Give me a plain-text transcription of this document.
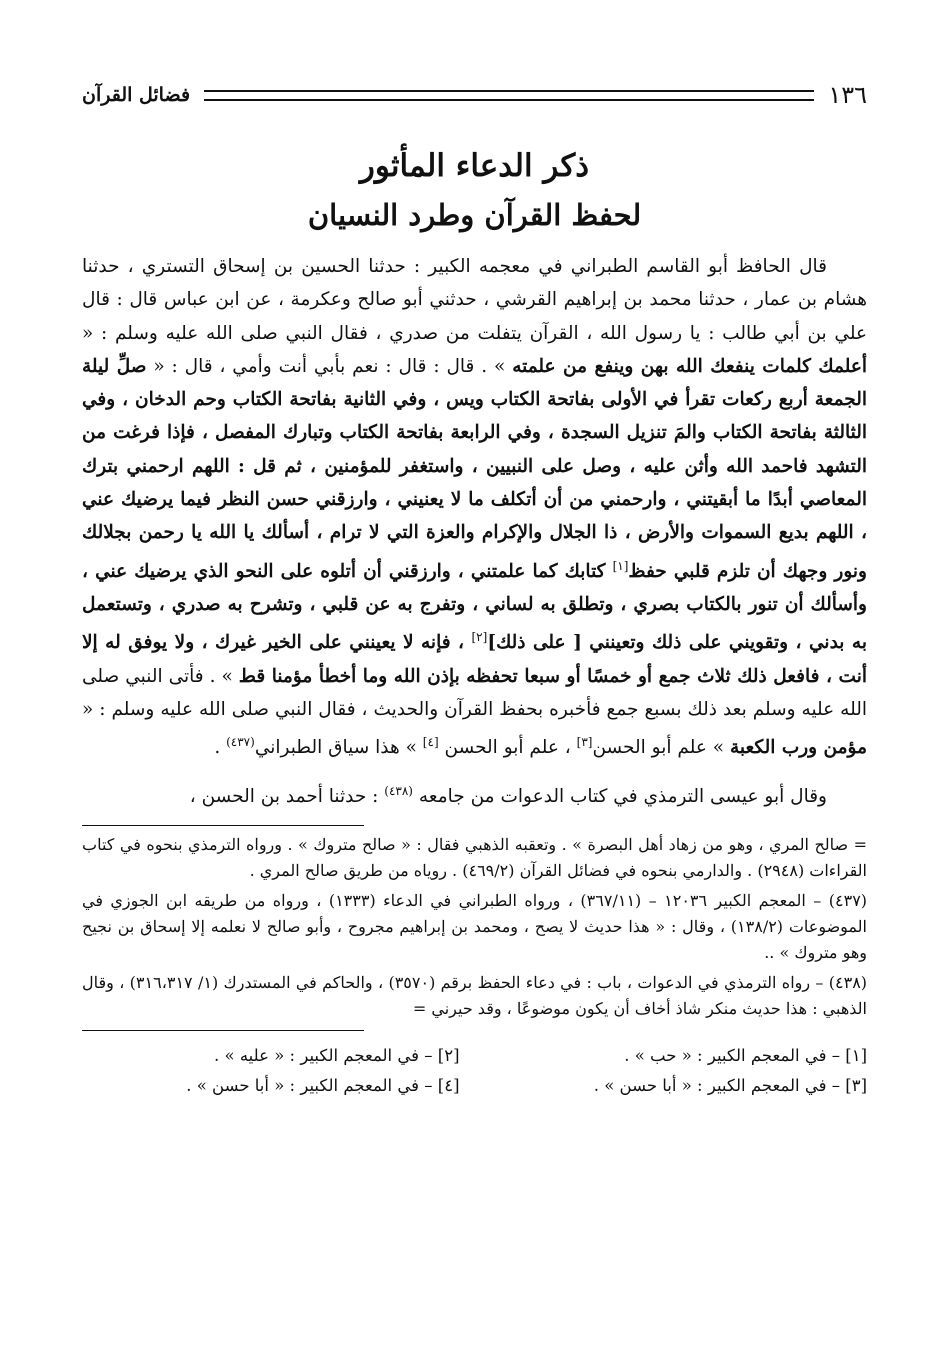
١٣٦
فضائل القرآن
ذكر الدعاء المأثور
لحفظ القرآن وطرد النسيان

قال الحافظ أبو القاسم الطبراني في معجمه الكبير : حدثنا الحسين بن إسحاق التستري ، حدثنا هشام بن عمار ، حدثنا محمد بن إبراهيم القرشي ، حدثني أبو صالح وعكرمة ، عن ابن عباس قال : قال علي بن أبي طالب : يا رسول الله ، القرآن يتفلت من صدري ، فقال النبي صلى الله عليه وسلم : « أعلمك كلمات ينفعك الله بهن وينفع من علمته » . قال : قال : نعم بأبي أنت وأمي ، قال : « صلِّ ليلة الجمعة أربع ركعات تقرأ في الأولى بفاتحة الكتاب ويس ، وفي الثانية بفاتحة الكتاب وحم الدخان ، وفي الثالثة بفاتحة الكتاب والمَ تنزيل السجدة ، وفي الرابعة بفاتحة الكتاب وتبارك المفصل ، فإذا فرغت من التشهد فاحمد الله وأثن عليه ، وصل على النبيين ، واستغفر للمؤمنين ، ثم قل : اللهم ارحمني بترك المعاصي أبدًا ما أبقيتني ، وارحمني من أن أتكلف ما لا يعنيني ، وارزقني حسن النظر فيما يرضيك عني ، اللهم بديع السموات والأرض ، ذا الجلال والإكرام والعزة التي لا ترام ، أسألك يا الله يا رحمن بجلالك ونور وجهك أن تلزم قلبي حفظ[١] كتابك كما علمتني ، وارزقني أن أتلوه على النحو الذي يرضيك عني ، وأسألك أن تنور بالكتاب بصري ، وتطلق به لساني ، وتفرج به عن قلبي ، وتشرح به صدري ، وتستعمل به بدني ، وتقويني على ذلك وتعينني [ على ذلك][٢] ، فإنه لا يعينني على الخير غيرك ، ولا يوفق له إلا أنت ، فافعل ذلك ثلاث جمع أو خمسًا أو سبعا تحفظه بإذن الله وما أخطأ مؤمنا قط » . فأتى النبي صلى الله عليه وسلم بعد ذلك بسبع جمع فأخبره بحفظ القرآن والحديث ، فقال النبي صلى الله عليه وسلم : « مؤمن ورب الكعبة » علم أبو الحسن[٣] ، علم أبو الحسن [٤] » هذا سياق الطبراني$^{(٤٣٧)}$ .

وقال أبو عيسى الترمذي في كتاب الدعوات من جامعه $^{(٤٣٨)}$ : حدثنا أحمد بن الحسن ،

= صالح المري ، وهو من زهاد أهل البصرة » . وتعقبه الذهبي فقال : « صالح متروك » . ورواه الترمذي بنحوه في كتاب القراءات (٢٩٤٨) . والدارمي بنحوه في فضائل القرآن (٤٦٩/٢) . روياه من طريق صالح المري .

(٤٣٧) – المعجم الكبير ١٢٠٣٦ – (٣٦٧/١١) ، ورواه الطبراني في الدعاء (١٣٣٣) ، ورواه من طريقه ابن الجوزي في الموضوعات (١٣٨/٢) ، وقال : « هذا حديث لا يصح ، ومحمد بن إبراهيم مجروح ، وأبو صالح لا نعلمه إلا إسحاق بن نجيح وهو متروك » ..

(٤٣٨) – رواه الترمذي في الدعوات ، باب : في دعاء الحفظ برقم (٣٥٧٠) ، والحاكم في المستدرك (١/ ٣١٦،٣١٧) ، وقال الذهبي : هذا حديث منكر شاذ أخاف أن يكون موضوعًا ، وقد حيرني =

[١] – في المعجم الكبير : « حب » .
[٢] – في المعجم الكبير : « عليه » .
[٣] – في المعجم الكبير : « أبا حسن » .
[٤] – في المعجم الكبير : « أبا حسن » .
